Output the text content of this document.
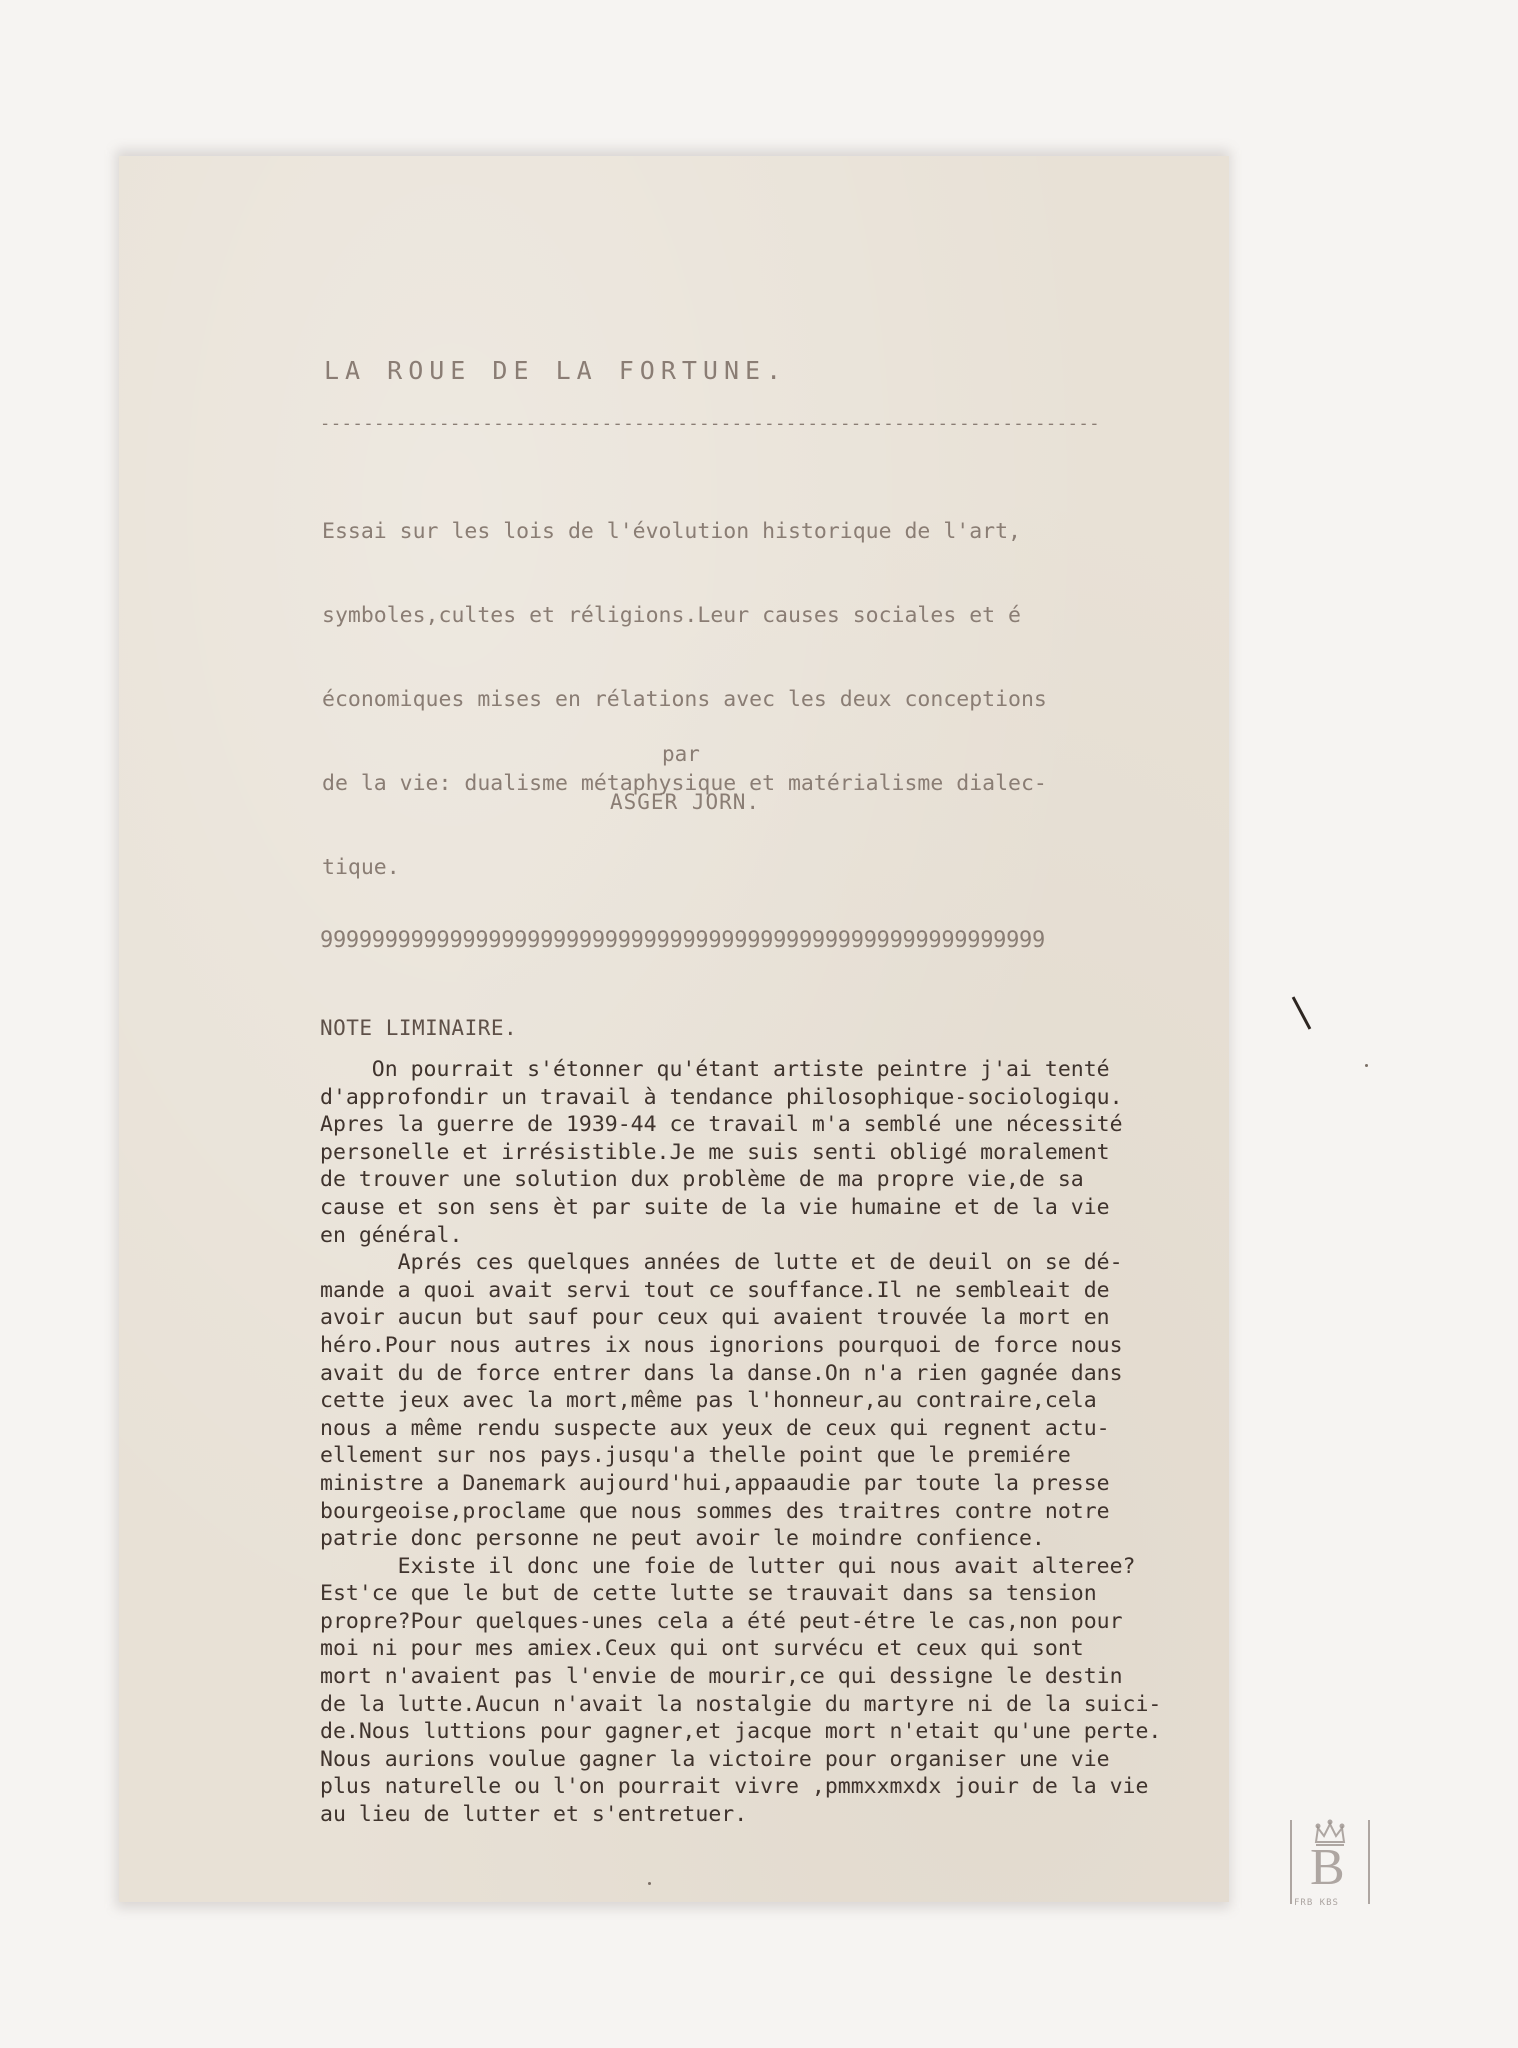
LA ROUE DE LA FORTUNE.
------------------------------------------------------------------------

Essai sur les lois de l'évolution historique de l'art,

symboles,cultes et réligions.Leur causes sociales et é

économiques mises en rélations avec les deux conceptions

de la vie: dualisme métaphysique et matérialisme dialec-

tique.

par
ASGER JORN.
99999999999999999999999999999999999999999999999999999999
NOTE LIMINAIRE.
On pourrait s'étonner qu'étant artiste peintre j'ai tenté
d'approfondir un travail à tendance philosophique-sociologiqu.
Apres la guerre de 1939-44 ce travail m'a semblé une nécessité
personelle et irrésistible.Je me suis senti obligé moralement
de trouver une solution dux problème de ma propre vie,de sa
cause et son sens èt par suite de la vie humaine et de la vie
en général.
Aprés ces quelques années de lutte et de deuil on se dé-
mande a quoi avait servi tout ce souffance.Il ne sembleait de
avoir aucun but sauf pour ceux qui avaient trouvée la mort en
héro.Pour nous autres ix nous ignorions pourquoi de force nous
avait du de force entrer dans la danse.On n'a rien gagnée dans
cette jeux avec la mort,même pas l'honneur,au contraire,cela
nous a même rendu suspecte aux yeux de ceux qui regnent actu-
ellement sur nos pays.jusqu'a thelle point que le premiére
ministre a Danemark aujourd'hui,appaaudie par toute la presse
bourgeoise,proclame que nous sommes des traitres contre notre
patrie donc personne ne peut avoir le moindre confience.
Existe il donc une foie de lutter qui nous avait alteree?
Est'ce que le but de cette lutte se trauvait dans sa tension
propre?Pour quelques-unes cela a été peut-étre le cas,non pour
moi ni pour mes amiex.Ceux qui ont survécu et ceux qui sont
mort n'avaient pas l'envie de mourir,ce qui dessigne le destin
de la lutte.Aucun n'avait la nostalgie du martyre ni de la suici-
de.Nous luttions pour gagner,et jacque mort n'etait qu'une perte.
Nous aurions voulue gagner la victoire pour organiser une vie
plus naturelle ou l'on pourrait vivre ,pmmxxmxdx jouir de la vie
au lieu de lutter et s'entretuer.
B
FRB KBS
